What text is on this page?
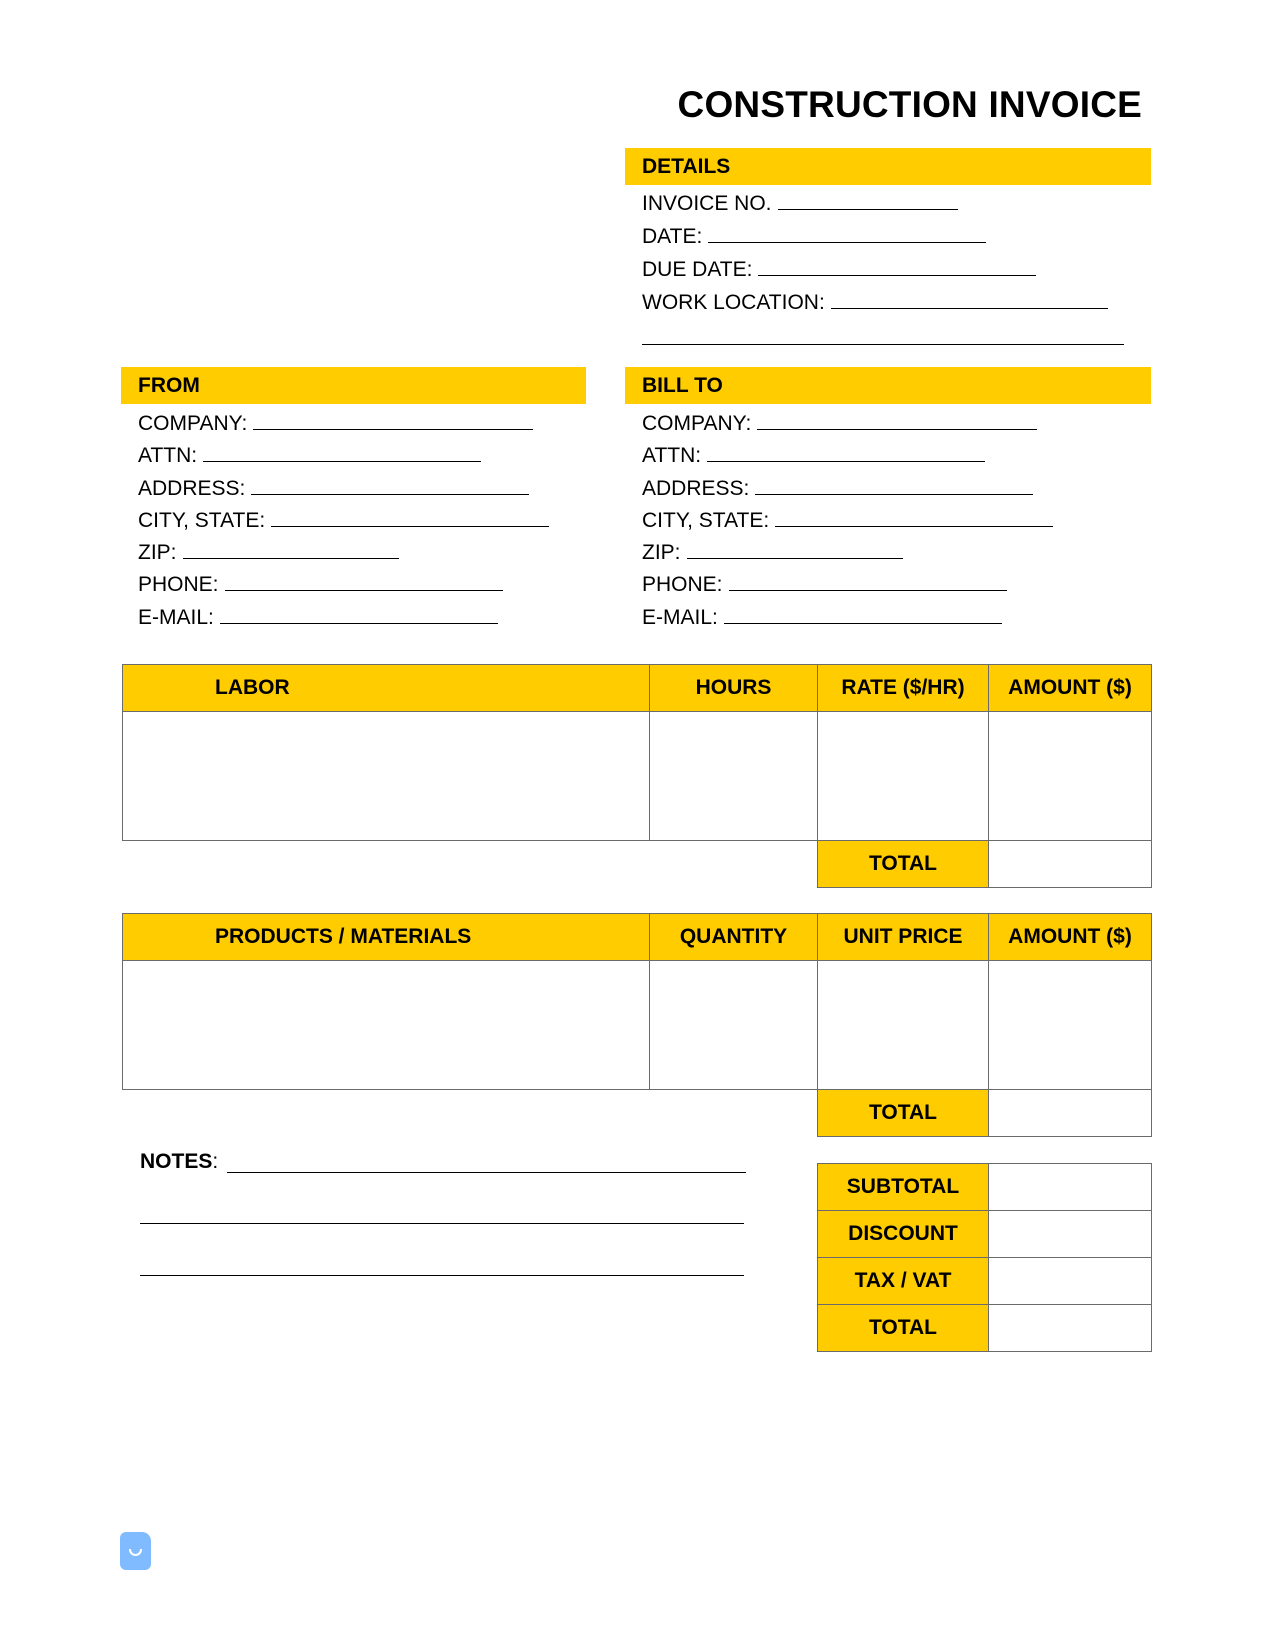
CONSTRUCTION INVOICE
DETAILS
INVOICE NO.
DATE:
DUE DATE:
WORK LOCATION:
FROM
COMPANY:
ATTN:
ADDRESS:
CITY, STATE:
ZIP:
PHONE:
E-MAIL:
BILL TO
COMPANY:
ATTN:
ADDRESS:
CITY, STATE:
ZIP:
PHONE:
E-MAIL:
LABOR	HOURS	RATE ($/HR)	AMOUNT ($)

		TOTAL	
PRODUCTS / MATERIALS	QUANTITY	UNIT PRICE	AMOUNT ($)

		TOTAL	
NOTES:
SUBTOTAL	
DISCOUNT	
TAX / VAT	
TOTAL	
